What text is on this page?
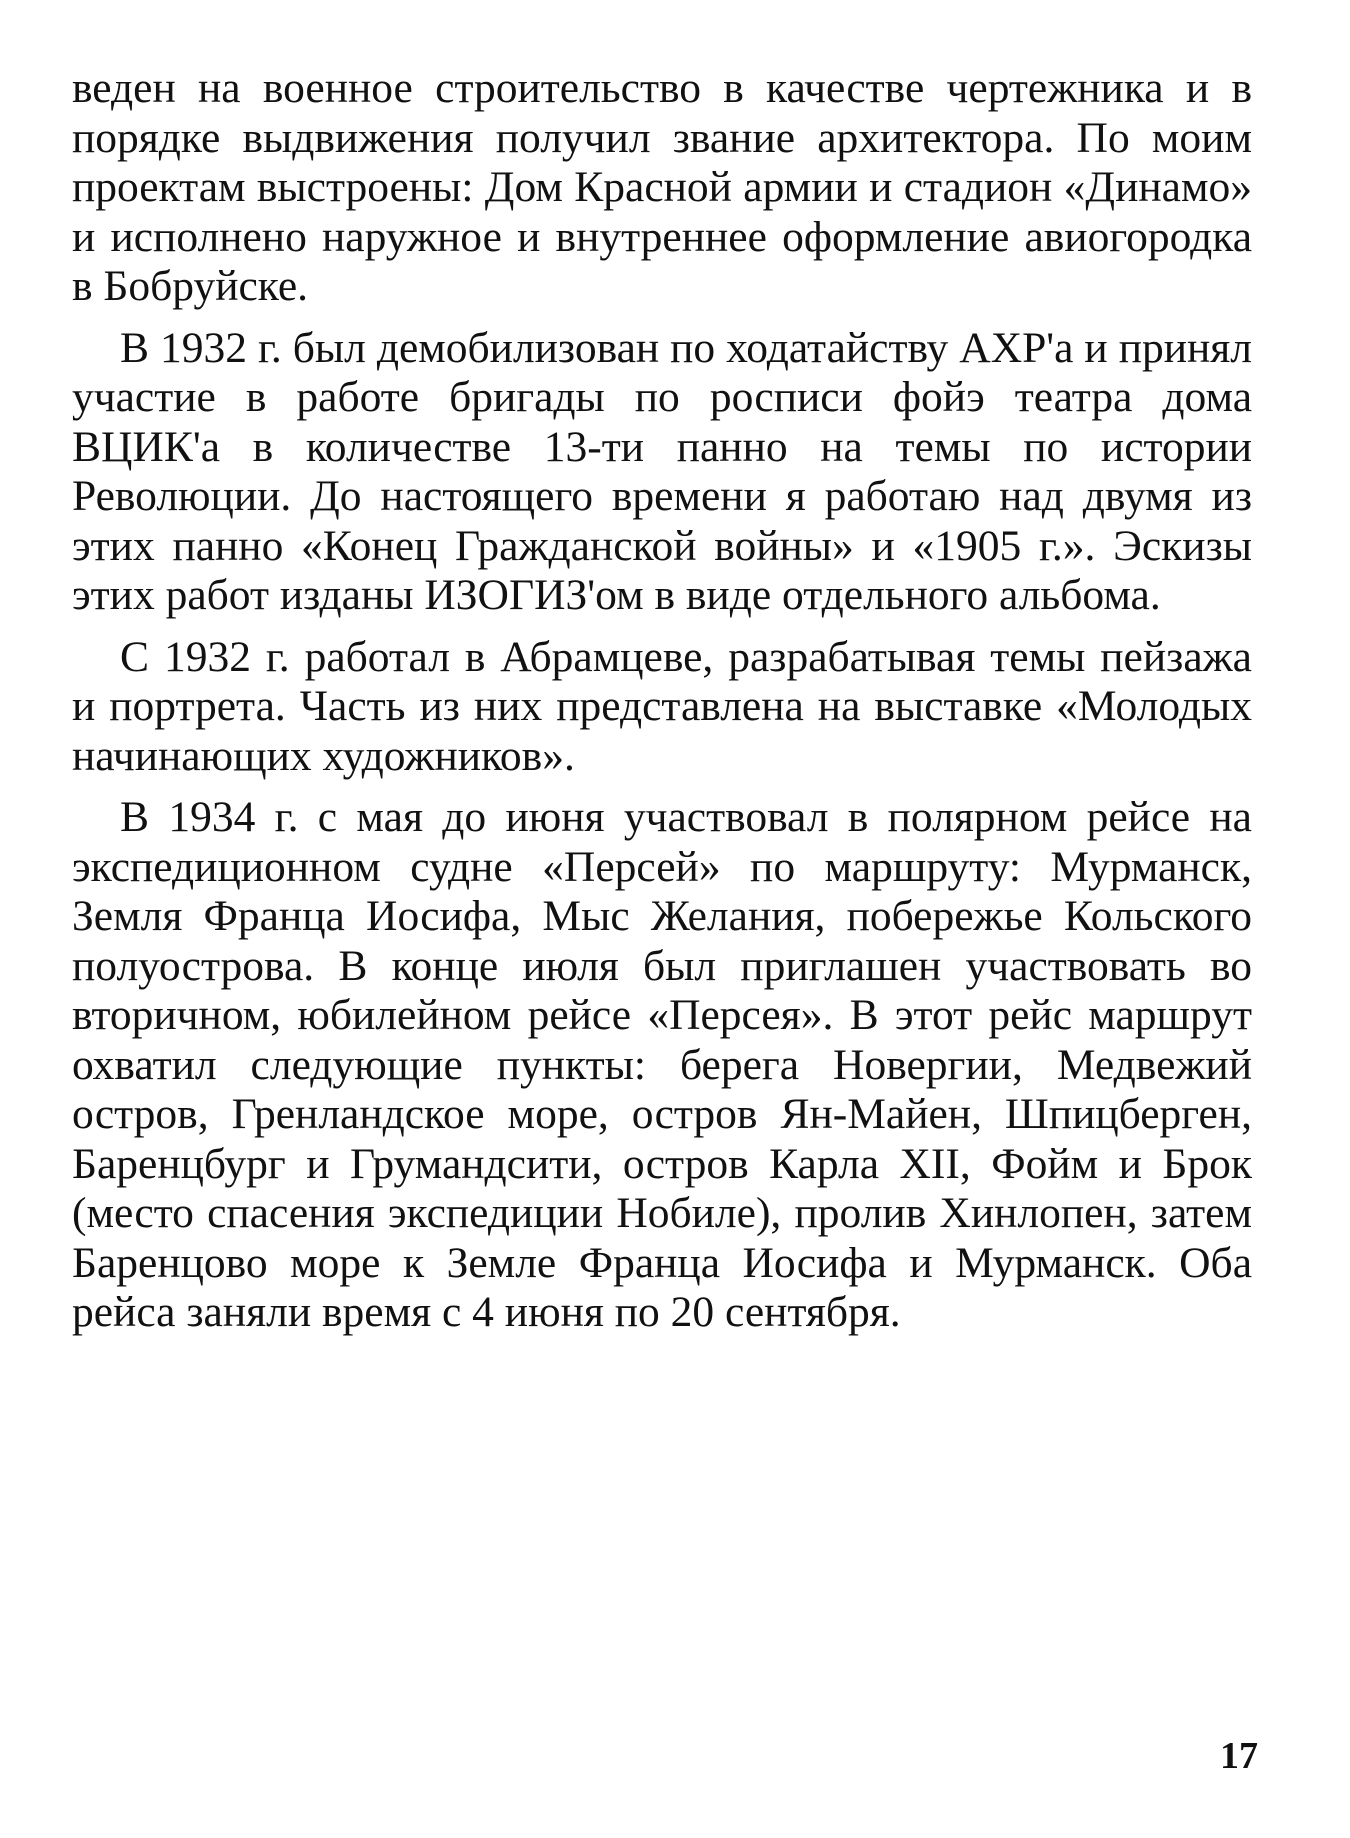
веден на военное строительство в качестве чертежника и в порядке выдвижения получил звание архитектора. По моим проектам выстроены: Дом Красной армии и стадион «Динамо» и исполнено наружное и внутреннее оформление авиогородка в Бобруйске.

В 1932 г. был демобилизован по ходатайству АХР'а и принял участие в работе бригады по росписи фойэ театра дома ВЦИК'а в количестве 13-ти панно на темы по истории Революции. До настоящего времени я работаю над двумя из этих панно «Конец Гражданской войны» и «1905 г.». Эскизы этих работ изданы ИЗОГИЗ'ом в виде отдельного альбома.

С 1932 г. работал в Абрамцеве, разрабатывая темы пейзажа и портрета. Часть из них представлена на выставке «Молодых начинающих художников».

В 1934 г. с мая до июня участвовал в полярном рейсе на экспедиционном судне «Персей» по маршруту: Мурманск, Земля Франца Иосифа, Мыс Желания, побережье Кольского полуострова. В конце июля был приглашен участвовать во вторичном, юбилейном рейсе «Персея». В этот рейс маршрут охватил следующие пункты: берега Новергии, Медвежий остров, Гренландское море, остров Ян-Майен, Шпицберген, Баренцбург и Грумандсити, остров Карла XII, Фойм и Брок (место спасения экспедиции Нобиле), пролив Хинлопен, затем Баренцово море к Земле Франца Иосифа и Мурманск. Оба рейса заняли время с 4 июня по 20 сентября.

17
